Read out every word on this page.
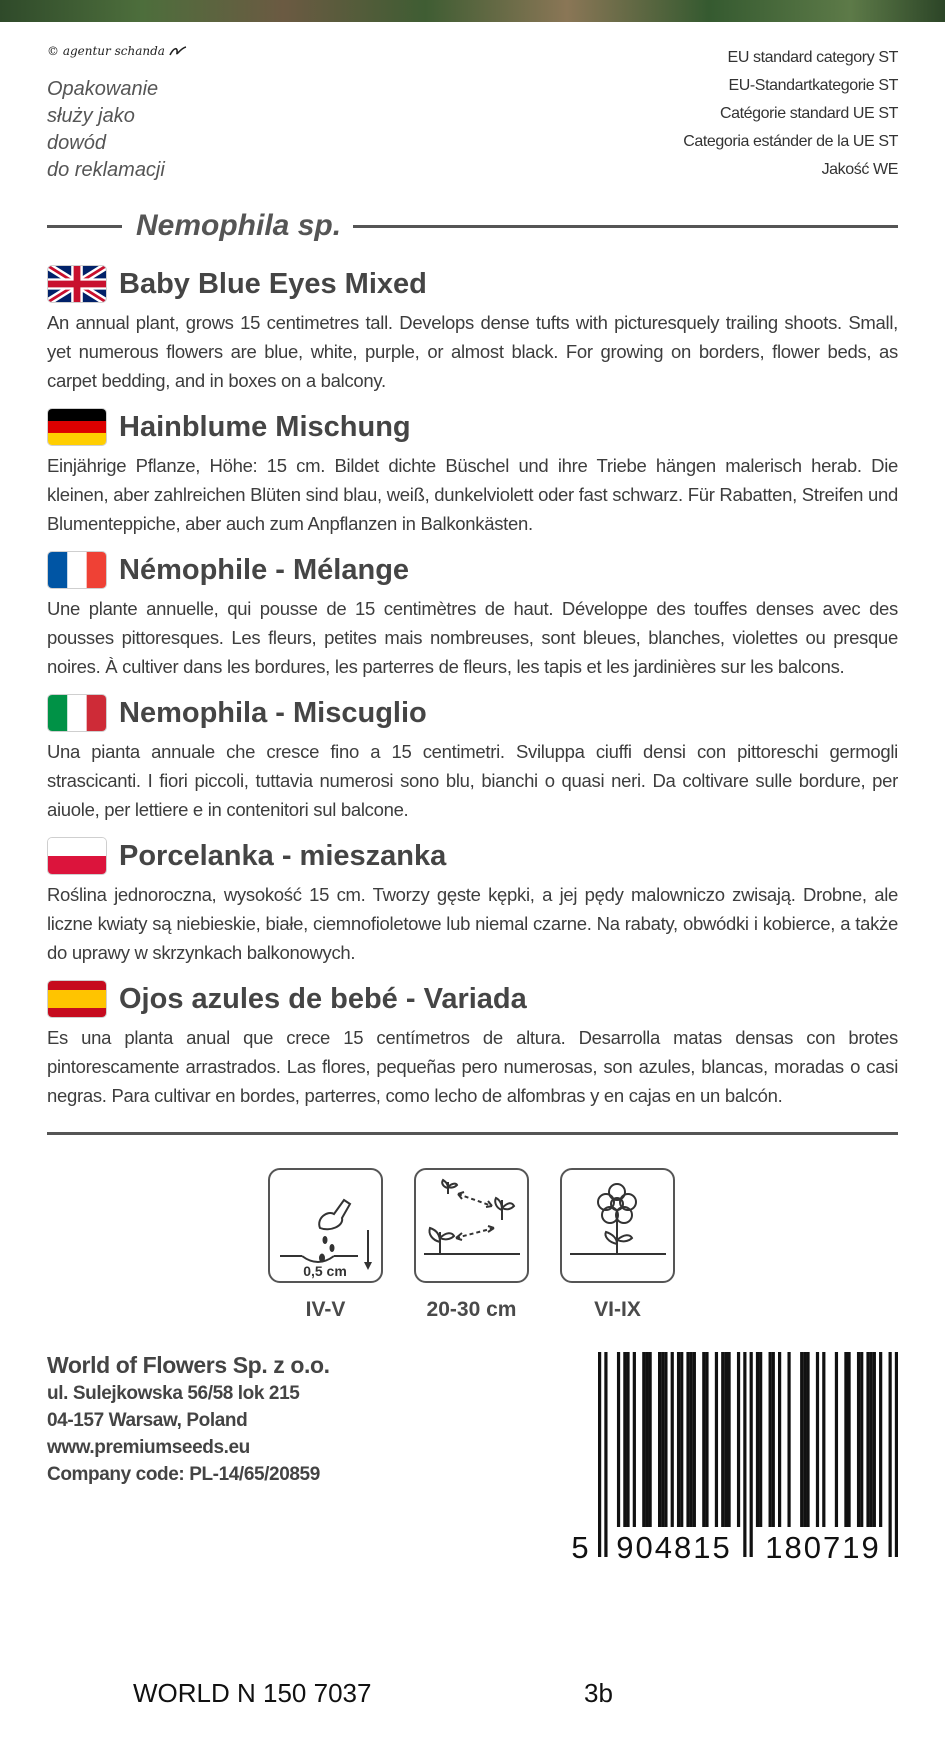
© agentur schanda
Opakowanie
służy jako
dowód
do reklamacji
EU standard category ST
EU-Standartkategorie ST
Catégorie standard UE ST
Categoria estánder de la UE ST
Jakość WE
Nemophila sp.
Baby Blue Eyes Mixed
An annual plant, grows 15 centimetres tall. Develops dense tufts with picturesquely trailing shoots. Small, yet numerous flowers are blue, white, purple, or almost black. For growing on borders, flower beds, as carpet bedding, and in boxes on a balcony.
Hainblume Mischung
Einjährige Pflanze, Höhe: 15 cm. Bildet dichte Büschel und ihre Triebe hängen malerisch herab. Die kleinen, aber zahlreichen Blüten sind blau, weiß, dunkelviolett oder fast schwarz. Für Rabatten, Streifen und Blumenteppiche, aber auch zum Anpflanzen in Balkonkästen.
Némophile - Mélange
Une plante annuelle, qui pousse de 15 centimètres de haut. Développe des touffes denses avec des pousses pittoresques. Les fleurs, petites mais nombreuses, sont bleues, blanches, violettes ou presque noires. À cultiver dans les bordures, les parterres de fleurs, les tapis et les jardinières sur les balcons.
Nemophila - Miscuglio
Una pianta annuale che cresce fino a 15 centimetri. Sviluppa ciuffi densi con pittoreschi germogli strascicanti. I fiori piccoli, tuttavia numerosi sono blu, bianchi o quasi neri. Da coltivare sulle bordure, per aiuole, per lettiere e in contenitori sul balcone.
Porcelanka - mieszanka
Roślina jednoroczna, wysokość 15 cm. Tworzy gęste kępki, a jej pędy malowniczo zwisają. Drobne, ale liczne kwiaty są niebieskie, białe, ciemnofioletowe lub niemal czarne. Na rabaty, obwódki i kobierce, a także do uprawy w skrzynkach balkonowych.
Ojos azules de bebé - Variada
Es una planta anual que crece 15 centímetros de altura. Desarrolla matas densas con brotes pintorescamente arrastrados. Las flores, pequeñas pero numerosas, son azules, blancas, moradas o casi negras. Para cultivar en bordes, parterres, como lecho de alfombras y en cajas en un balcón.
0,5 cm
IV-V	20-30 cm	VI-IX
World of Flowers Sp. z o.o.
ul. Sulejkowska 56/58 lok 215
04-157 Warsaw, Poland
www.premiumseeds.eu
Company code: PL-14/65/20859
5 904815 180719
WORLD N 150 7037	3b
